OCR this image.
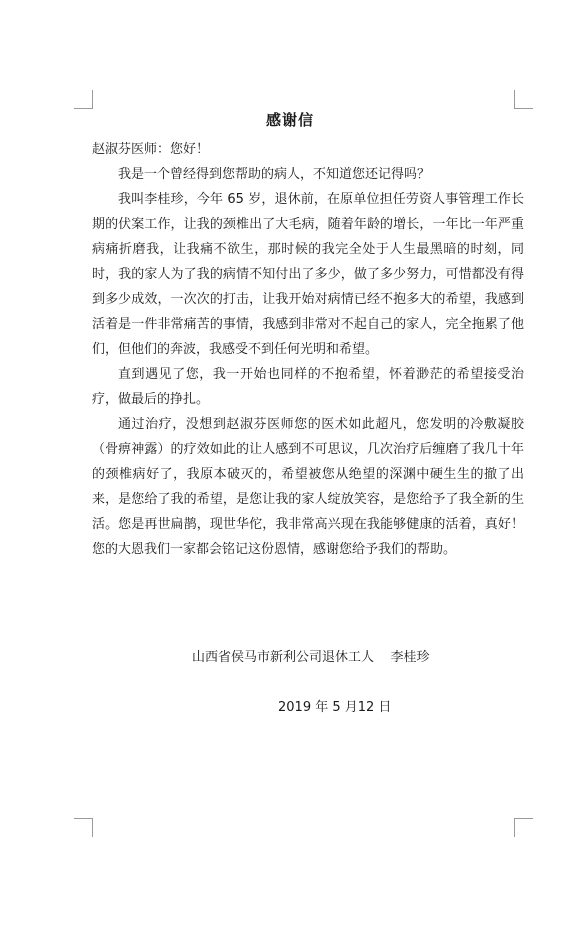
感谢信

赵淑芬医师：您好！

我是一个曾经得到您帮助的病人，不知道您还记得吗？

我叫李桂珍，今年 65 岁，退休前，在原单位担任劳资人事管理工作长期的伏案工作，让我的颈椎出了大毛病，随着年龄的增长，一年比一年严重病痛折磨我，让我痛不欲生，那时候的我完全处于人生最黑暗的时刻，同时，我的家人为了我的病情不知付出了多少，做了多少努力，可惜都没有得到多少成效，一次次的打击，让我开始对病情已经不抱多大的希望，我感到活着是一件非常痛苦的事情，我感到非常对不起自己的家人，完全拖累了他们，但他们的奔波，我感受不到任何光明和希望。

直到遇见了您，我一开始也同样的不抱希望，怀着渺茫的希望接受治疗，做最后的挣扎。

通过治疗，没想到赵淑芬医师您的医术如此超凡，您发明的冷敷凝胶（骨痹神露）的疗效如此的让人感到不可思议，几次治疗后缠磨了我几十年的颈椎病好了，我原本破灭的，希望被您从绝望的深渊中硬生生的撤了出来，是您给了我的希望，是您让我的家人绽放笑容，是您给予了我全新的生活。您是再世扁鹊，现世华佗，我非常高兴现在我能够健康的活着，真好！您的大恩我们一家都会铭记这份恩情，感谢您给予我们的帮助。

山西省侯马市新利公司退休工人    李桂珍
2019 年 5 月12 日
